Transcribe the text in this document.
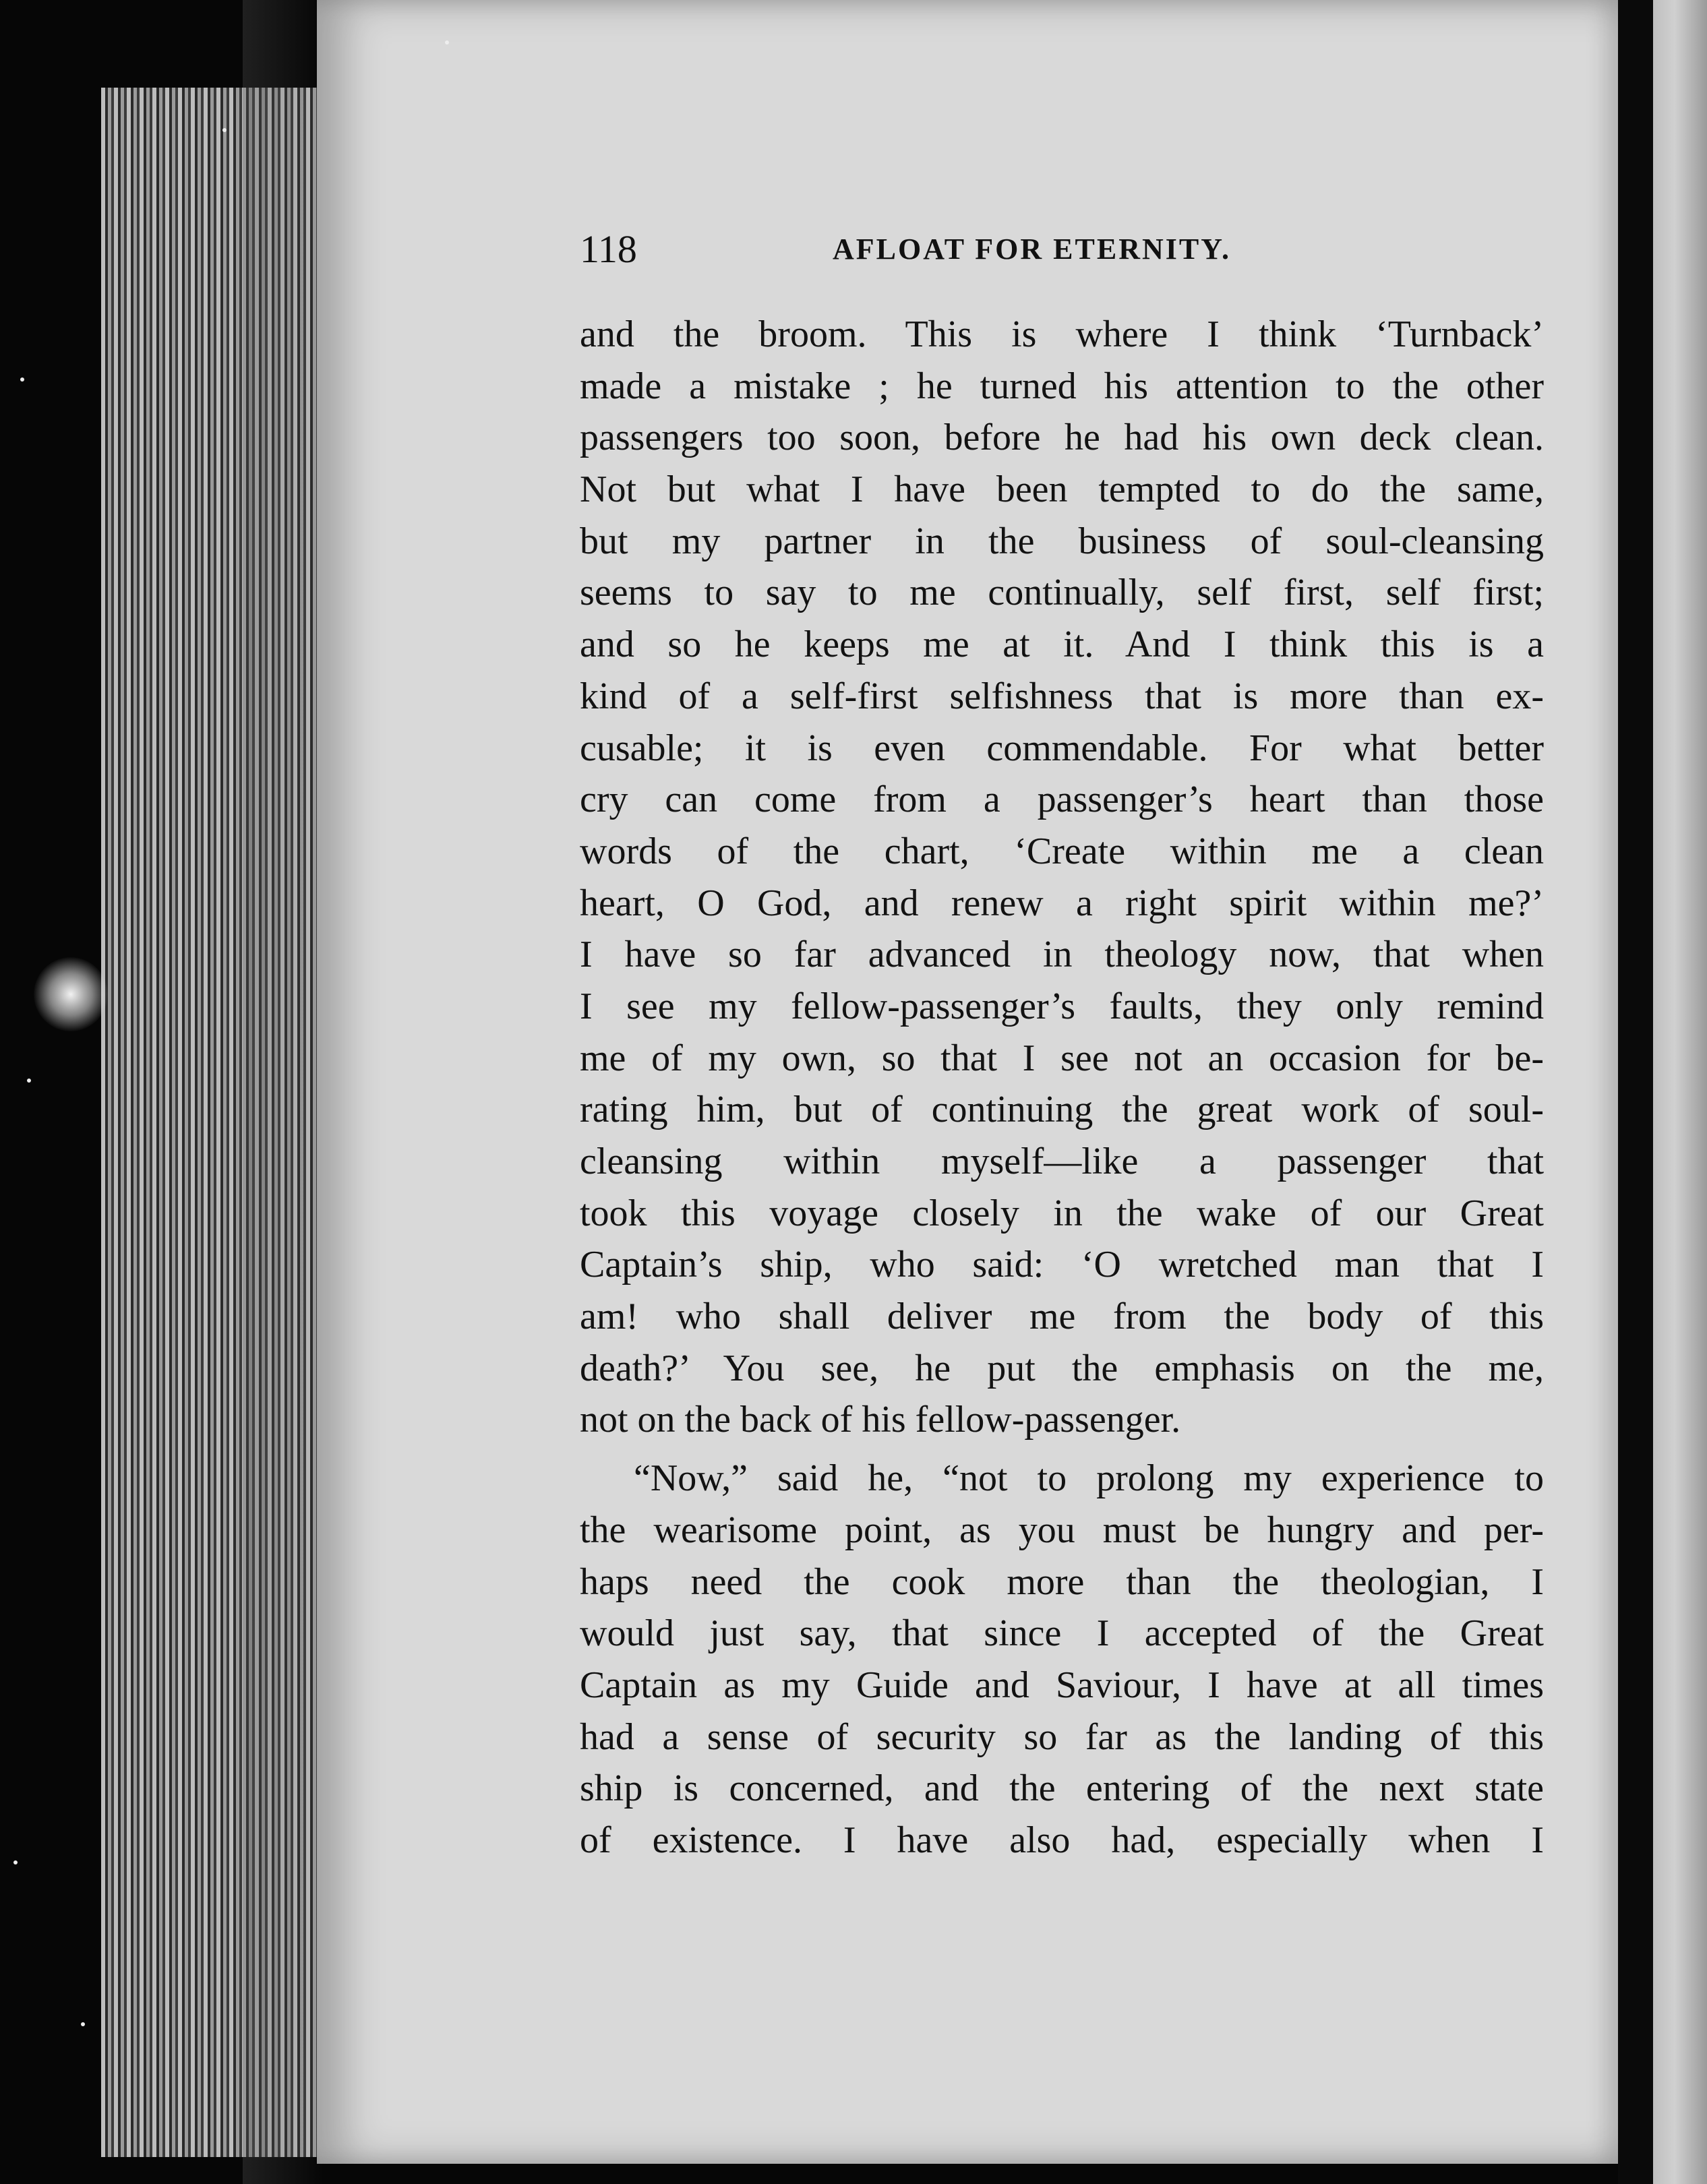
118	AFLOAT FOR ETERNITY.
and the broom. This is where I think ‘Turnback’
made a mistake ; he turned his attention to the other
passengers too soon, before he had his own deck clean.
Not but what I have been tempted to do the same,
but my partner in the business of soul-cleansing
seems to say to me continually, self first, self first;
and so he keeps me at it. And I think this is a
kind of a self-first selfishness that is more than ex-
cusable; it is even commendable. For what better
cry can come from a passenger’s heart than those
words of the chart, ‘Create within me a clean
heart, O God, and renew a right spirit within me?’
I have so far advanced in theology now, that when
I see my fellow-passenger’s faults, they only remind
me of my own, so that I see not an occasion for be-
rating him, but of continuing the great work of soul-
cleansing within myself—like a passenger that
took this voyage closely in the wake of our Great
Captain’s ship, who said: ‘O wretched man that I
am! who shall deliver me from the body of this
death?’ You see, he put the emphasis on the me,
not on the back of his fellow-passenger.
“Now,” said he, “not to prolong my experience to
the wearisome point, as you must be hungry and per-
haps need the cook more than the theologian, I
would just say, that since I accepted of the Great
Captain as my Guide and Saviour, I have at all times
had a sense of security so far as the landing of this
ship is concerned, and the entering of the next state
of existence. I have also had, especially when I
